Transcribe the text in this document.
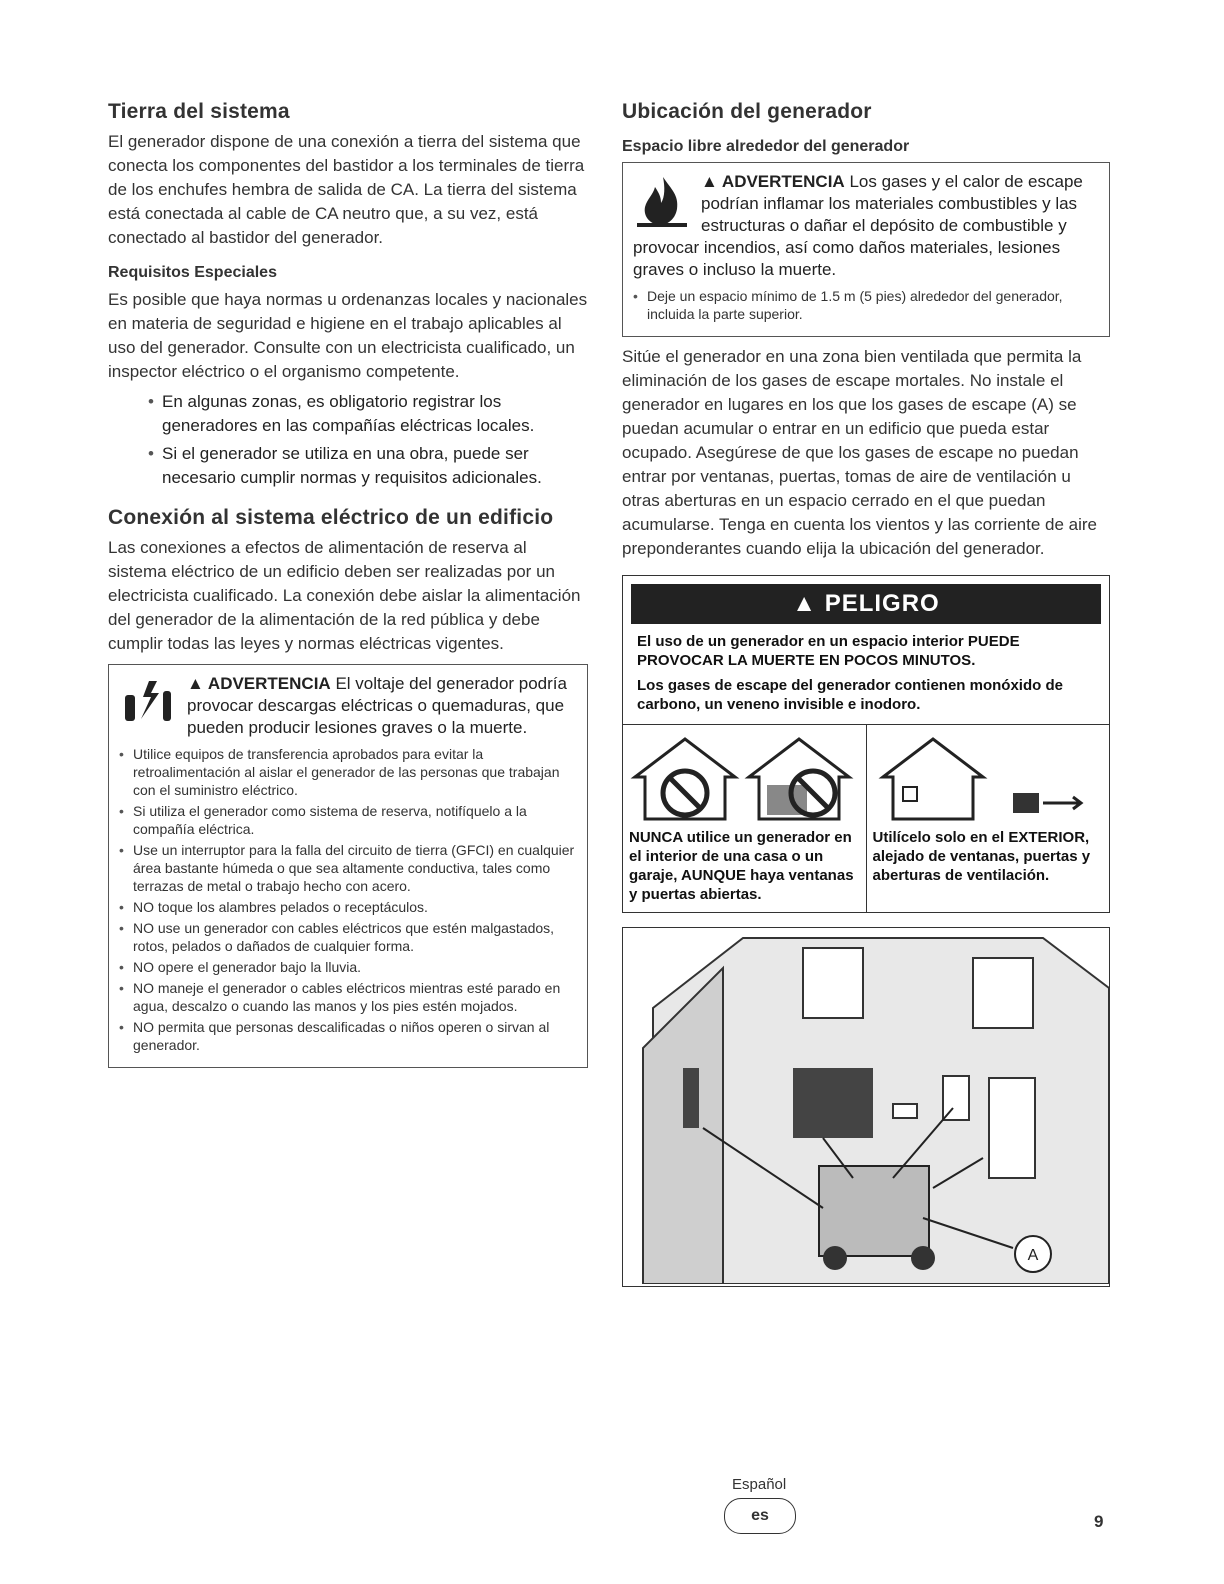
Tierra del sistema

El generador dispone de una conexión a tierra del sistema que conecta los componentes del bastidor a los terminales de tierra de los enchufes hembra de salida de CA. La tierra del sistema está conectada al cable de CA neutro que, a su vez, está conectado al bastidor del generador.

Requisitos Especiales

Es posible que haya normas u ordenanzas locales y nacionales en materia de seguridad e higiene en el trabajo aplicables al uso del generador. Consulte con un electricista cualificado, un inspector eléctrico o el organismo competente.

• En algunas zonas, es obligatorio registrar los generadores en las compañías eléctricas locales.
• Si el generador se utiliza en una obra, puede ser necesario cumplir normas y requisitos adicionales.
Conexión al sistema eléctrico de un edificio

Las conexiones a efectos de alimentación de reserva al sistema eléctrico de un edificio deben ser realizadas por un electricista cualificado. La conexión debe aislar la alimentación del generador de la alimentación de la red pública y debe cumplir todas las leyes y normas eléctricas vigentes.

▲ ADVERTENCIA El voltaje del generador podría provocar descargas eléctricas o quemaduras, que pueden producir lesiones graves o la muerte.
• Utilice equipos de transferencia aprobados para evitar la retroalimentación al aislar el generador de las personas que trabajan con el suministro eléctrico.
• Si utiliza el generador como sistema de reserva, notifíquelo a la compañía eléctrica.
• Use un interruptor para la falla del circuito de tierra (GFCI) en cualquier área bastante húmeda o que sea altamente conductiva, tales como terrazas de metal o trabajo hecho con acero.
• NO toque los alambres pelados o receptáculos.
• NO use un generador con cables eléctricos que estén malgastados, rotos, pelados o dañados de cualquier forma.
• NO opere el generador bajo la lluvia.
• NO maneje el generador o cables eléctricos mientras esté parado en agua, descalzo o cuando las manos y los pies estén mojados.
• NO permita que personas descalificadas o niños operen o sirvan al generador.
Ubicación del generador
Espacio libre alrededor del generador
▲ ADVERTENCIA Los gases y el calor de escape podrían inflamar los materiales combustibles y las estructuras o dañar el depósito de combustible y provocar incendios, así como daños materiales, lesiones graves o incluso la muerte.
• Deje un espacio mínimo de 1.5 m (5 pies) alrededor del generador, incluida la parte superior.

Sitúe el generador en una zona bien ventilada que permita la eliminación de los gases de escape mortales. No instale el generador en lugares en los que los gases de escape (A) se puedan acumular o entrar en un edificio que pueda estar ocupado. Asegúrese de que los gases de escape no puedan entrar por ventanas, puertas, tomas de aire de ventilación u otras aberturas en un espacio cerrado en el que puedan acumularse. Tenga en cuenta los vientos y las corriente de aire preponderantes cuando elija la ubicación del generador.

▲ PELIGRO
El uso de un generador en un espacio interior PUEDE PROVOCAR LA MUERTE EN POCOS MINUTOS.
Los gases de escape del generador contienen monóxido de carbono, un veneno invisible e inodoro.
NUNCA utilice un generador en el interior de una casa o un garaje, AUNQUE haya ventanas y puertas abiertas.
Utilícelo solo en el EXTERIOR, alejado de ventanas, puertas y aberturas de ventilación.
A
Español
es	9
